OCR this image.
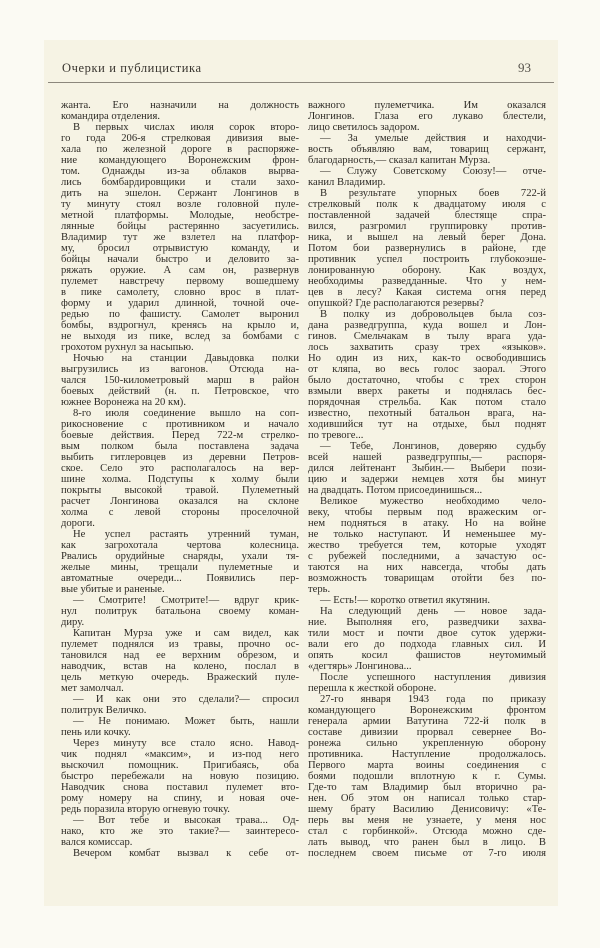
Очерки и публицистика	93
жанта. Его назначили на должность
командира отделения.
В первых числах июля сорок второ-
го года 206-я стрелковая дивизия вые-
хала по железной дороге в распоряже-
ние командующего Воронежским фрон-
том. Однажды из-за облаков вырва-
лись бомбардировщики и стали захо-
дить на эшелон. Сержант Лонгинов в
ту минуту стоял возле головной пуле-
метной платформы. Молодые, необстре-
лянные бойцы растерянно засуетились.
Владимир тут же взлетел на платфор-
му, бросил отрывистую команду, и
бойцы начали быстро и деловито за-
ряжать оружие. А сам он, развернув
пулемет навстречу первому вошедшему
в пике самолету, словно врос в плат-
форму и ударил длинной, точной оче-
редью по фашисту. Самолет выронил
бомбы, вздрогнул, кренясь на крыло и,
не выходя из пике, вслед за бомбами с
грохотом рухнул за насыпью.
Ночью на станции Давыдовка полки
выгрузились из вагонов. Отсюда на-
чался 150-километровый марш в район
боевых действий (н. п. Петровское, что
южнее Воронежа на 20 км).
8-го июля соединение вышло на соп-
рикосновение с противником и начало
боевые действия. Перед 722-м стрелко-
вым полком была поставлена задача
выбить гитлеровцев из деревни Петров-
ское. Село это располагалось на вер-
шине холма. Подступы к холму были
покрыты высокой травой. Пулеметный
расчет Лонгинова оказался на склоне
холма с левой стороны проселочной
дороги.
Не успел растаять утренний туман,
как загрохотала чертова колесница.
Рвались орудийные снаряды, ухали тя-
желые мины, трещали пулеметные и
автоматные очереди... Появились пер-
вые убитые и раненые.
— Смотрите! Смотрите!— вдруг крик-
нул политрук батальона своему коман-
диру.
Капитан Мурза уже и сам видел, как
пулемет поднялся из травы, прочно ос-
тановился над ее верхним обрезом, и
наводчик, встав на колено, послал в
цель меткую очередь. Вражеский пуле-
мет замолчал.
— И как они это сделали?— спросил
политрук Величко.
— Не понимаю. Может быть, нашли
пень или кочку.
Через минуту все стало ясно. Навод-
чик поднял «максим», и из-под него
выскочил помощник. Пригибаясь, оба
быстро перебежали на новую позицию.
Наводчик снова поставил пулемет вто-
рому номеру на спину, и новая оче-
редь поразила вторую огневую точку.
— Вот тебе и высокая трава... Од-
нако, кто же это такие?— заинтересо-
вался комиссар.
Вечером комбат вызвал к себе от-
важного пулеметчика. Им оказался
Лонгинов. Глаза его лукаво блестели,
лицо светилось задором.
— За умелые действия и находчи-
вость объявляю вам, товарищ сержант,
благодарность,— сказал капитан Мурза.
— Служу Советскому Союзу!— отче-
канил Владимир.
В результате упорных боев 722-й
стрелковый полк к двадцатому июля с
поставленной задачей блестяще спра-
вился, разгромил группировку против-
ника, и вышел на левый берег Дона.
Потом бои развернулись в районе, где
противник успел построить глубокоэше-
лонированную оборону. Как воздух,
необходимы разведданные. Что у нем-
цев в лесу? Какая система огня перед
опушкой? Где располагаются резервы?
В полку из добровольцев была соз-
дана разведгруппа, куда вошел и Лон-
гинов. Смельчакам в тылу врага уда-
лось захватить сразу трех «языков».
Но один из них, как-то освободившись
от кляпа, во весь голос заорал. Этого
было достаточно, чтобы с трех сторон
взмыли вверх ракеты и поднялась бес-
порядочная стрельба. Как потом стало
известно, пехотный батальон врага, на-
ходившийся тут на отдыхе, был поднят
по тревоге...
— Тебе, Лонгинов, доверяю судьбу
всей нашей разведгруппы,— распоря-
дился лейтенант Зыбин.— Выбери пози-
цию и задержи немцев хотя бы минут
на двадцать. Потом присоединишься...
Великое мужество необходимо чело-
веку, чтобы первым под вражеским ог-
нем подняться в атаку. Но на войне
не только наступают. И неменьшее му-
жество требуется тем, которые уходят
с рубежей последними, а зачастую ос-
таются на них навсегда, чтобы дать
возможность товарищам отойти без по-
терь.
— Есть!— коротко ответил якутянин.
На следующий день — новое зада-
ние. Выполняя его, разведчики захва-
тили мост и почти двое суток удержи-
вали его до подхода главных сил. И
опять косил фашистов неутомимый
«дегтярь» Лонгинова...
После успешного наступления дивизия
перешла к жесткой обороне.
27-го января 1943 года по приказу
командующего Воронежским фронтом
генерала армии Ватутина 722-й полк в
составе дивизии прорвал севернее Во-
ронежа сильно укрепленную оборону
противника. Наступление продолжалось.
Первого марта воины соединения с
боями подошли вплотную к г. Сумы.
Где-то там Владимир был вторично ра-
нен. Об этом он написал только стар-
шему брату Василию Денисовичу: «Те-
перь вы меня не узнаете, у меня нос
стал с горбинкой». Отсюда можно сде-
лать вывод, что ранен был в лицо. В
последнем своем письме от 7-го июля
